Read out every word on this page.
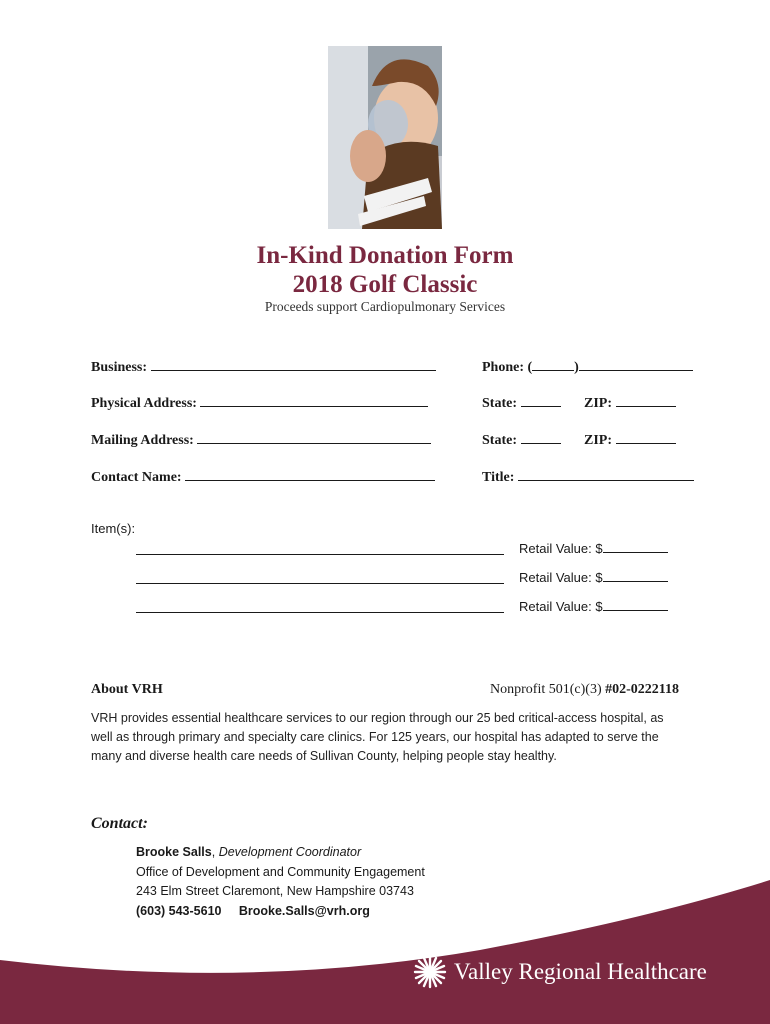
In-Kind Donation Form
2018 Golf Classic
Proceeds support Cardiopulmonary Services
Business:	Phone: (	)
Physical Address:	State:	ZIP:
Mailing Address:	State:	ZIP:
Contact Name:	Title:
Item(s):
Retail Value: $
Retail Value: $
Retail Value: $
About VRH	Nonprofit 501(c)(3) #02-0222118
VRH provides essential healthcare services to our region through our 25 bed critical-access hospital, as well as through primary and specialty care clinics. For 125 years, our hospital has adapted to serve the many and diverse health care needs of Sullivan County, helping people stay healthy.
Contact:
Brooke Salls, Development Coordinator
Office of Development and Community Engagement
243 Elm Street Claremont, New Hampshire 03743
(603) 543-5610 Brooke.Salls@vrh.org
Valley Regional Healthcare
